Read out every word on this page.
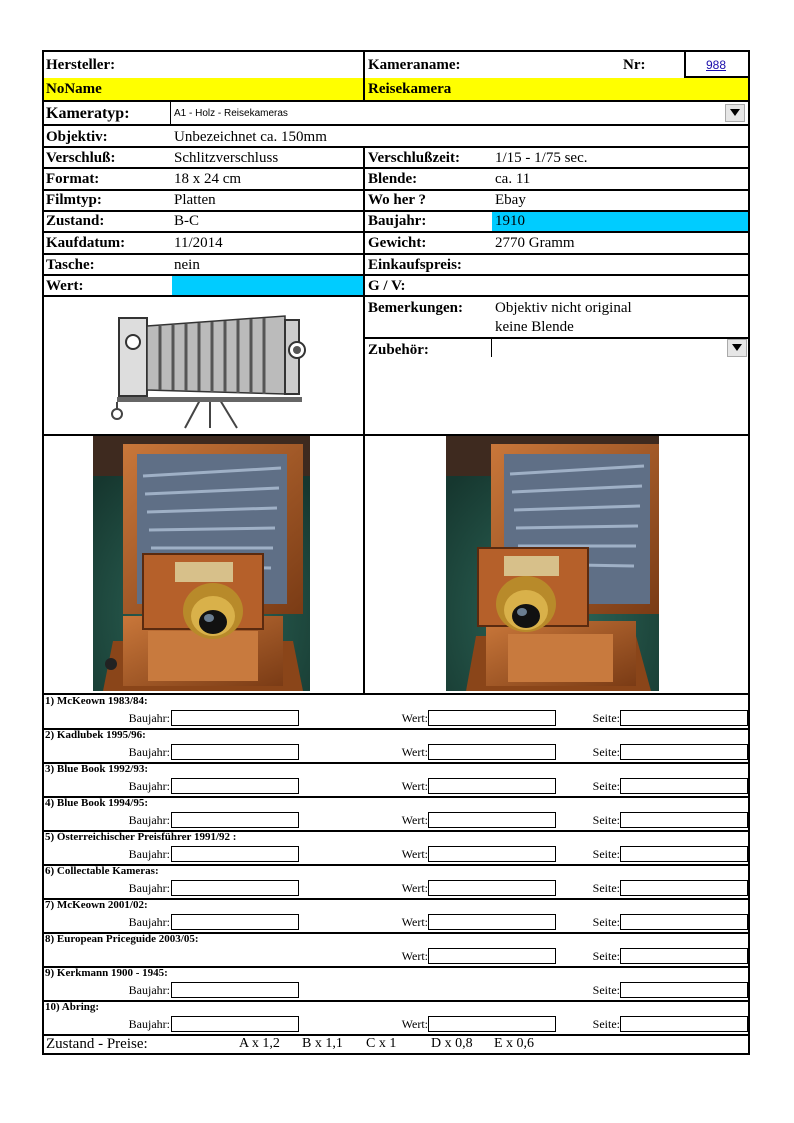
Hersteller:
NoName
Kameraname:
Reisekamera
Nr:	988
Kameratyp:	A1 - Holz - Reisekameras
Objektiv:	Unbezeichnet ca. 150mm
Verschluß:	Schlitzverschluss	Verschlußzeit: 1/15 - 1/75 sec.
Format:	18 x 24 cm	Blende:	ca. 11
Filmtyp:	Platten	Wo her ?	Ebay
Zustand:	B-C	Baujahr:	1910
Kaufdatum:	11/2014	Gewicht:	2770 Gramm
Tasche:	nein	Einkaufspreis:
Wert:	G / V:
Bemerkungen: Objektiv nicht original
keine Blende
Zubehör:
1) McKeown 1983/84:
Baujahr:	Wert:	Seite:
2) Kadlubek 1995/96:
Baujahr:	Wert:	Seite:
3) Blue Book 1992/93:
Baujahr:	Wert:	Seite:
4) Blue Book 1994/95:
Baujahr:	Wert:	Seite:
5) Österreichischer Preisführer 1991/92 :
Baujahr:	Wert:	Seite:
6) Collectable Kameras:
Baujahr:	Wert:	Seite:
7) McKeown 2001/02:
Baujahr:	Wert:	Seite:
8) European Priceguide 2003/05:
Wert:	Seite:
9) Kerkmann 1900 - 1945:
Baujahr:	Seite:
10) Abring:
Baujahr:	Wert:	Seite:
Zustand - Preise:	A x 1,2 B x 1,1 C x 1 D x 0,8 E x 0,6
